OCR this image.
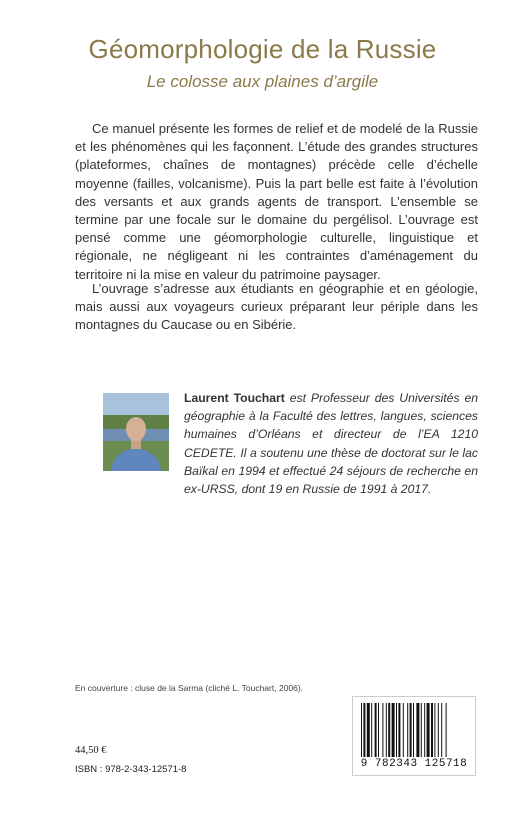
Géomorphologie de la Russie
Le colosse aux plaines d’argile

Ce manuel présente les formes de relief et de modelé de la Russie et les phénomènes qui les façonnent. L’étude des grandes structures (plateformes, chaînes de montagnes) précède celle d’échelle moyenne (failles, volcanisme). Puis la part belle est faite à l’évolution des versants et aux grands agents de transport. L’ensemble se termine par une focale sur le domaine du pergélisol. L’ouvrage est pensé comme une géomorphologie culturelle, linguistique et régionale, ne négligeant ni les contraintes d’aménagement du territoire ni la mise en valeur du patrimoine paysager.

L’ouvrage s’adresse aux étudiants en géographie et en géologie, mais aussi aux voyageurs curieux préparant leur périple dans les montagnes du Caucase ou en Sibérie.

Laurent Touchart est Professeur des Universités en géographie à la Faculté des lettres, langues, sciences humaines d’Orléans et directeur de l’EA 1210 CEDETE. Il a soutenu une thèse de doctorat sur le lac Baïkal en 1994 et effectué 24 séjours de recherche en ex-URSS, dont 19 en Russie de 1991 à 2017.

En couverture : cluse de la Sarma (cliché L. Touchart, 2006).
44,50 €
ISBN : 978-2-343-12571-8	9 782343 125718
